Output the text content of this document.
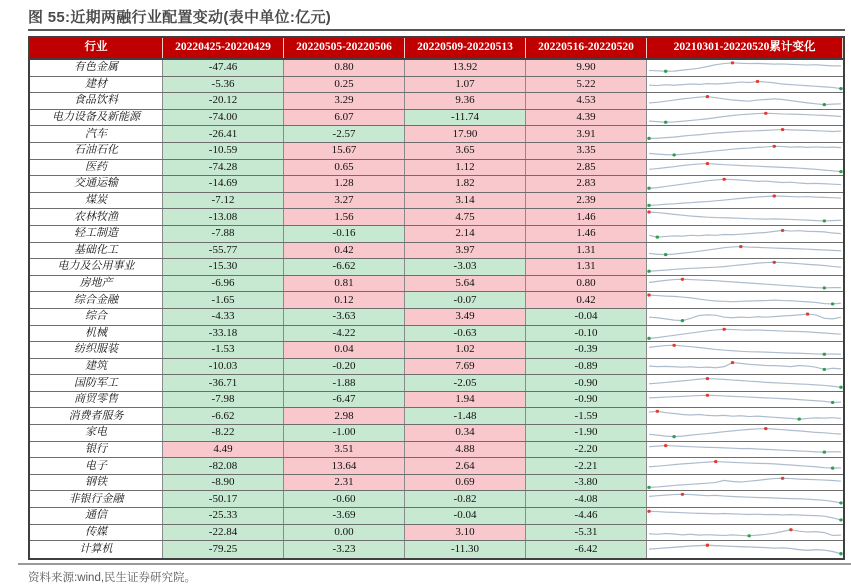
图 55:近期两融行业配置变动(表中单位:亿元)
行业	20220425-20220429	20220505-20220506	20220509-20220513	20220516-20220520	20210301-20220520累计变化
有色金属	-47.46	0.80	13.92	9.90
建材	-5.36	0.25	1.07	5.22
食品饮料	-20.12	3.29	9.36	4.53
电力设备及新能源	-74.00	6.07	-11.74	4.39
汽车	-26.41	-2.57	17.90	3.91
石油石化	-10.59	15.67	3.65	3.35
医药	-74.28	0.65	1.12	2.85
交通运输	-14.69	1.28	1.82	2.83
煤炭	-7.12	3.27	3.14	2.39
农林牧渔	-13.08	1.56	4.75	1.46
轻工制造	-7.88	-0.16	2.14	1.46
基础化工	-55.77	0.42	3.97	1.31
电力及公用事业	-15.30	-6.62	-3.03	1.31
房地产	-6.96	0.81	5.64	0.80
综合金融	-1.65	0.12	-0.07	0.42
综合	-4.33	-3.63	3.49	-0.04
机械	-33.18	-4.22	-0.63	-0.10
纺织服装	-1.53	0.04	1.02	-0.39
建筑	-10.03	-0.20	7.69	-0.89
国防军工	-36.71	-1.88	-2.05	-0.90
商贸零售	-7.98	-6.47	1.94	-0.90
消费者服务	-6.62	2.98	-1.48	-1.59
家电	-8.22	-1.00	0.34	-1.90
银行	4.49	3.51	4.88	-2.20
电子	-82.08	13.64	2.64	-2.21
钢铁	-8.90	2.31	0.69	-3.80
非银行金融	-50.17	-0.60	-0.82	-4.08
通信	-25.33	-3.69	-0.04	-4.46
传媒	-22.84	0.00	3.10	-5.31
计算机	-79.25	-3.23	-11.30	-6.42
资料来源:wind,民生证券研究院。
